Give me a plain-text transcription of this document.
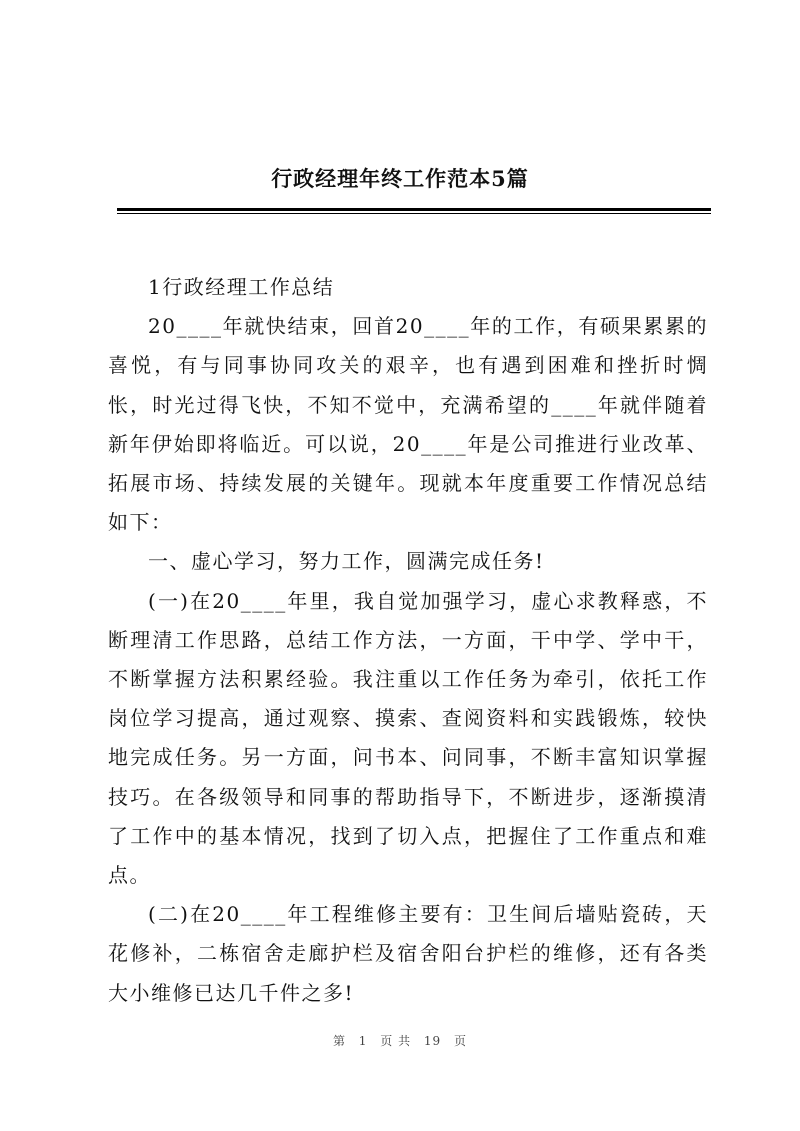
行政经理年终工作范本5篇

1行政经理工作总结

20____年就快结束，回首20____年的工作，有硕果累累的喜悦，有与同事协同攻关的艰辛，也有遇到困难和挫折时惆怅，时光过得飞快，不知不觉中，充满希望的____年就伴随着新年伊始即将临近。可以说，20____年是公司推进行业改革、拓展市场、持续发展的关键年。现就本年度重要工作情况总结如下：

一、虚心学习，努力工作，圆满完成任务!

(一)在20____年里，我自觉加强学习，虚心求教释惑，不断理清工作思路，总结工作方法，一方面，干中学、学中干，不断掌握方法积累经验。我注重以工作任务为牵引，依托工作岗位学习提高，通过观察、摸索、查阅资料和实践锻炼，较快地完成任务。另一方面，问书本、问同事，不断丰富知识掌握技巧。在各级领导和同事的帮助指导下，不断进步，逐渐摸清了工作中的基本情况，找到了切入点，把握住了工作重点和难点。

(二)在20____年工程维修主要有：卫生间后墙贴瓷砖，天花修补，二栋宿舍走廊护栏及宿舍阳台护栏的维修，还有各类大小维修已达几千件之多!

第 1 页 共 19 页
